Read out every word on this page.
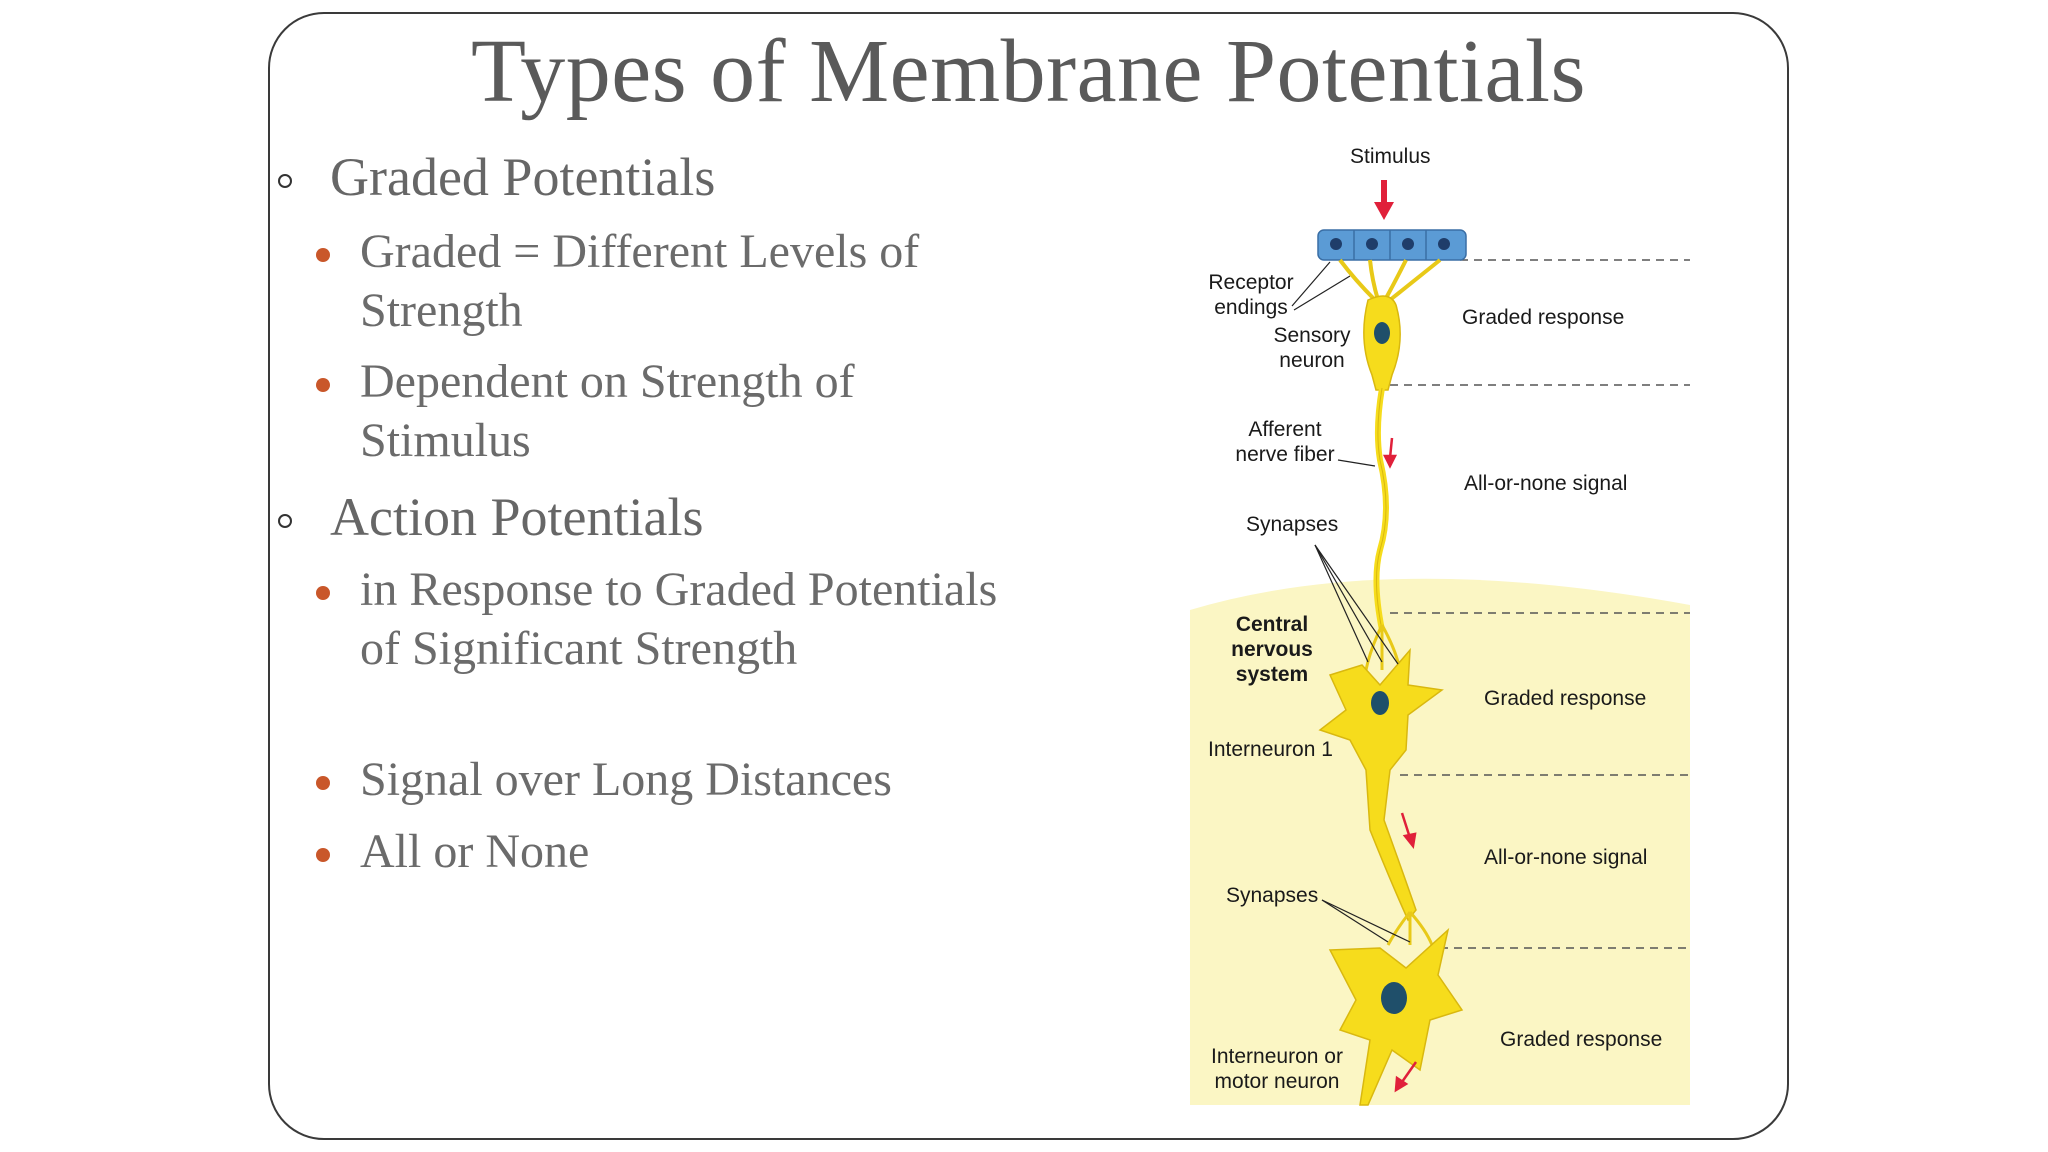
Types of Membrane Potentials
Graded Potentials
Graded = Different Levels of Strength
Dependent on Strength of Stimulus
Action Potentials
in Response to Graded Potentials of Significant Strength
Signal over Long Distances
All or None
Stimulus
Receptor endings
Sensory neuron
Afferent nerve fiber
Synapses
Central nervous system
Interneuron 1
Synapses
Interneuron or motor neuron
Graded response
All-or-none signal
Graded response
All-or-none signal
Graded response
